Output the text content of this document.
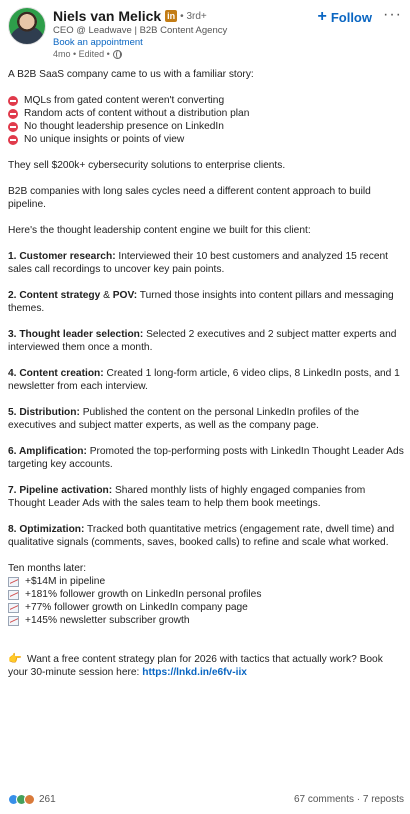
Niels van Melick in • 3rd+
CEO @ Leadwave | B2B Content Agency
Book an appointment
4mo • Edited •
+ Follow ···

A B2B SaaS company came to us with a familiar story:

MQLs from gated content weren't converting
Random acts of content without a distribution plan
No thought leadership presence on LinkedIn
No unique insights or points of view

They sell $200k+ cybersecurity solutions to enterprise clients.

B2B companies with long sales cycles need a different content approach to build pipeline.

Here's the thought leadership content engine we built for this client:

1. Customer research: Interviewed their 10 best customers and analyzed 15 recent sales call recordings to uncover key pain points.

2. Content strategy & POV: Turned those insights into content pillars and messaging themes.

3. Thought leader selection: Selected 2 executives and 2 subject matter experts and interviewed them once a month.

4. Content creation: Created 1 long-form article, 6 video clips, 8 LinkedIn posts, and 1 newsletter from each interview.

5. Distribution: Published the content on the personal LinkedIn profiles of the executives and subject matter experts, as well as the company page.

6. Amplification: Promoted the top-performing posts with LinkedIn Thought Leader Ads targeting key accounts.

7. Pipeline activation: Shared monthly lists of highly engaged companies from Thought Leader Ads with the sales team to help them book meetings.

8. Optimization: Tracked both quantitative metrics (engagement rate, dwell time) and qualitative signals (comments, saves, booked calls) to refine and scale what worked.

Ten months later:

+$14M in pipeline
+181% follower growth on LinkedIn personal profiles
+77% follower growth on LinkedIn company page
+145% newsletter subscriber growth

👉 Want a free content strategy plan for 2026 with tactics that actually work? Book your 30-minute session here: https://lnkd.in/e6fv-iix

261	67 comments · 7 reposts
